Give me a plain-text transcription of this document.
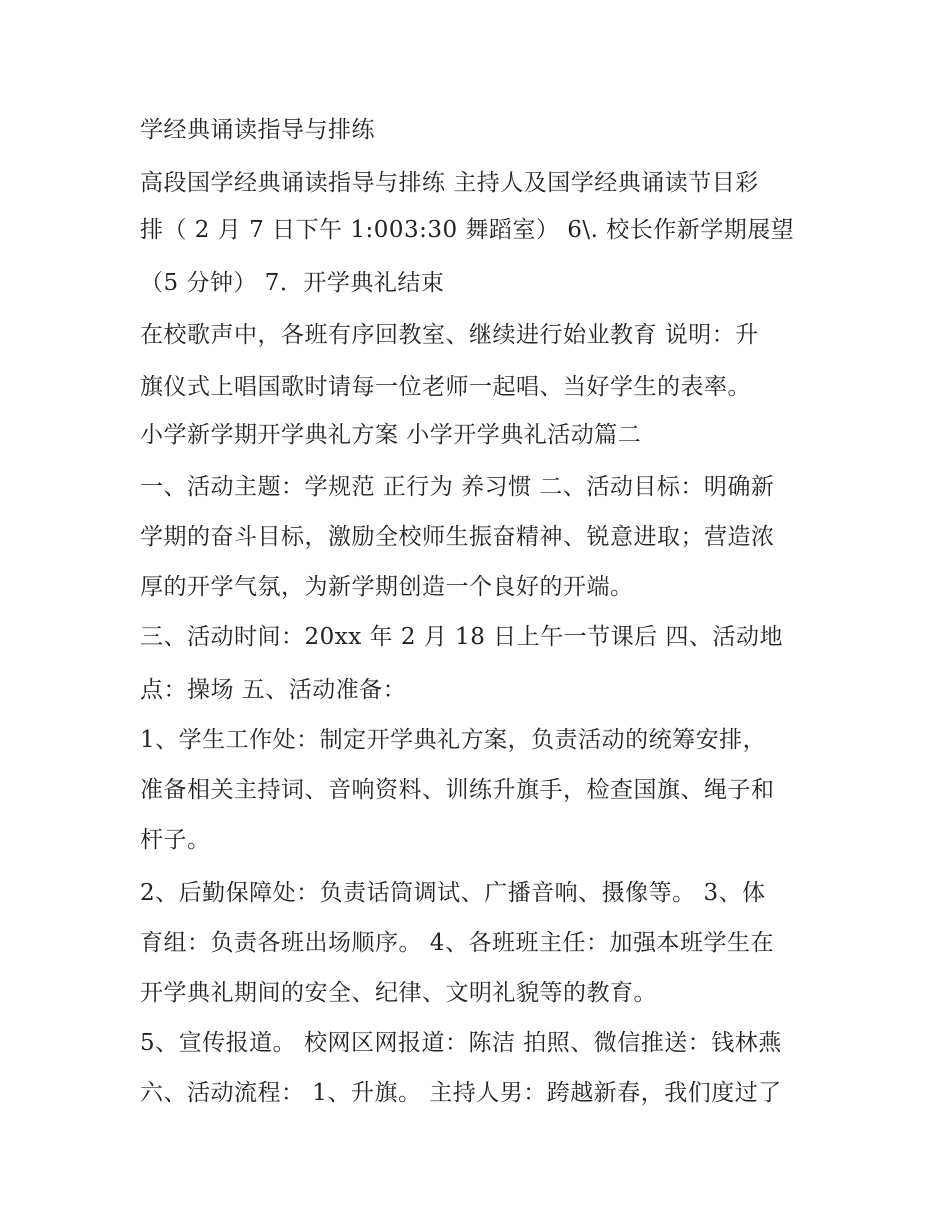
学经典诵读指导与排练
高段国学经典诵读指导与排练 主持人及国学经典诵读节目彩
排（ 2 月 7 日下午 1:003:30 舞蹈室） 6\. 校长作新学期展望
（5 分钟） 7．开学典礼结束
在校歌声中，各班有序回教室、继续进行始业教育 说明：升
旗仪式上唱国歌时请每一位老师一起唱、当好学生的表率。
小学新学期开学典礼方案 小学开学典礼活动篇二
一、活动主题：学规范 正行为 养习惯 二、活动目标：明确新
学期的奋斗目标，激励全校师生振奋精神、锐意进取；营造浓
厚的开学气氛，为新学期创造一个良好的开端。
三、活动时间：20xx 年 2 月 18 日上午一节课后 四、活动地
点：操场 五、活动准备：
1、学生工作处：制定开学典礼方案，负责活动的统筹安排，
准备相关主持词、音响资料、训练升旗手，检查国旗、绳子和
杆子。
2、后勤保障处：负责话筒调试、广播音响、摄像等。 3、体
育组：负责各班出场顺序。 4、各班班主任：加强本班学生在
开学典礼期间的安全、纪律、文明礼貌等的教育。
5、宣传报道。 校网区网报道：陈洁 拍照、微信推送：钱林燕
六、活动流程： 1、升旗。 主持人男：跨越新春，我们度过了
